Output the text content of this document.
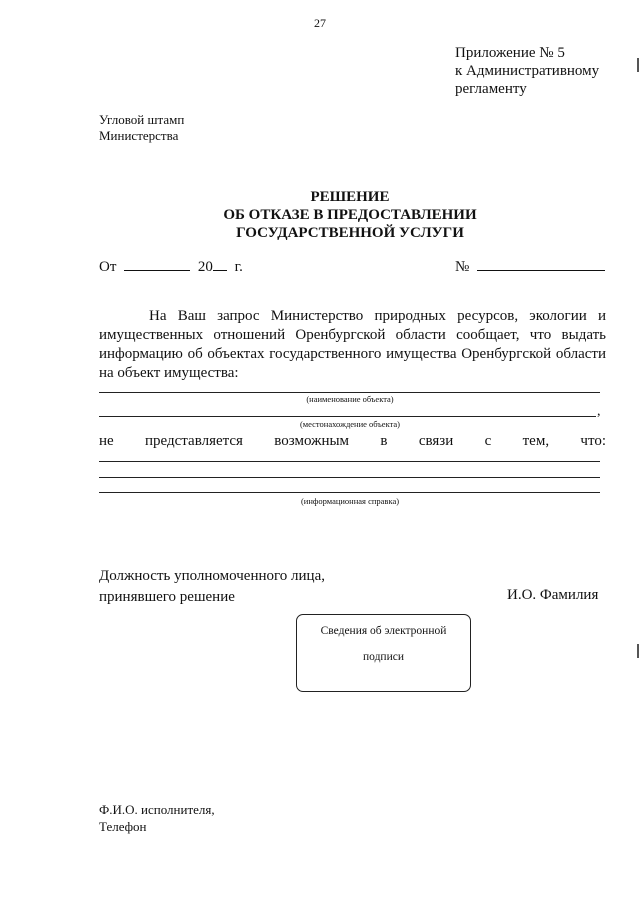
27
Приложение № 5
к Административному
регламенту
Угловой штамп
Министерства
РЕШЕНИЕ
ОБ ОТКАЗЕ В ПРЕДОСТАВЛЕНИИ
ГОСУДАРСТВЕННОЙ УСЛУГИ
От	20 г.	№
На Ваш запрос Министерство природных ресурсов, экологии и имущественных отношений Оренбургской области сообщает, что выдать информацию об объектах государственного имущества Оренбургской области на объект имущества:
(наименование объекта)
,
(местонахождение объекта)
не представляется возможным в связи с тем, что:
(информационная справка)
Должность уполномоченного лица,
принявшего решение	И.О. Фамилия
Сведения об электронной
подписи
Ф.И.О. исполнителя,
Телефон
